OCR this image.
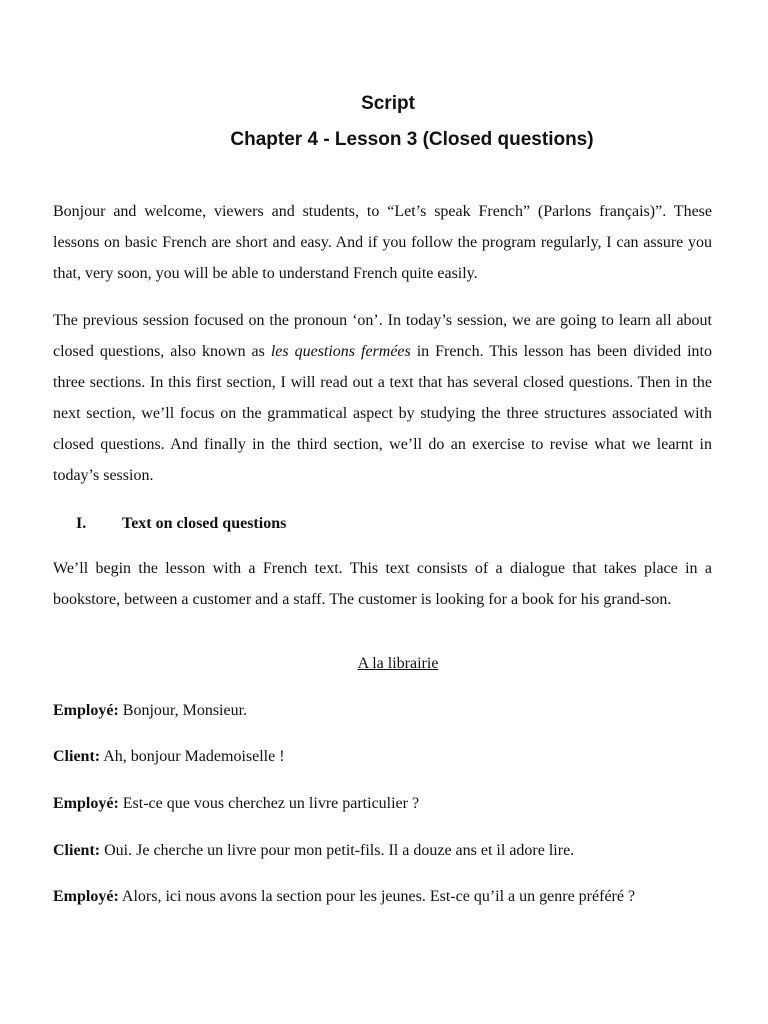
Script
Chapter 4 - Lesson 3 (Closed questions)

Bonjour and welcome, viewers and students, to “Let’s speak French” (Parlons français)”. These lessons on basic French are short and easy. And if you follow the program regularly, I can assure you that, very soon, you will be able to understand French quite easily.

The previous session focused on the pronoun ‘on’. In today’s session, we are going to learn all about closed questions, also known as les questions fermées in French. This lesson has been divided into three sections. In this first section, I will read out a text that has several closed questions. Then in the next section, we’ll focus on the grammatical aspect by studying the three structures associated with closed questions. And finally in the third section, we’ll do an exercise to revise what we learnt in today’s session.

I. Text on closed questions

We’ll begin the lesson with a French text. This text consists of a dialogue that takes place in a bookstore, between a customer and a staff. The customer is looking for a book for his grand-son.

A la librairie
Employé: Bonjour, Monsieur.
Client: Ah, bonjour Mademoiselle !
Employé: Est-ce que vous cherchez un livre particulier ?
Client: Oui. Je cherche un livre pour mon petit-fils. Il a douze ans et il adore lire.
Employé: Alors, ici nous avons la section pour les jeunes. Est-ce qu’il a un genre préféré ?
